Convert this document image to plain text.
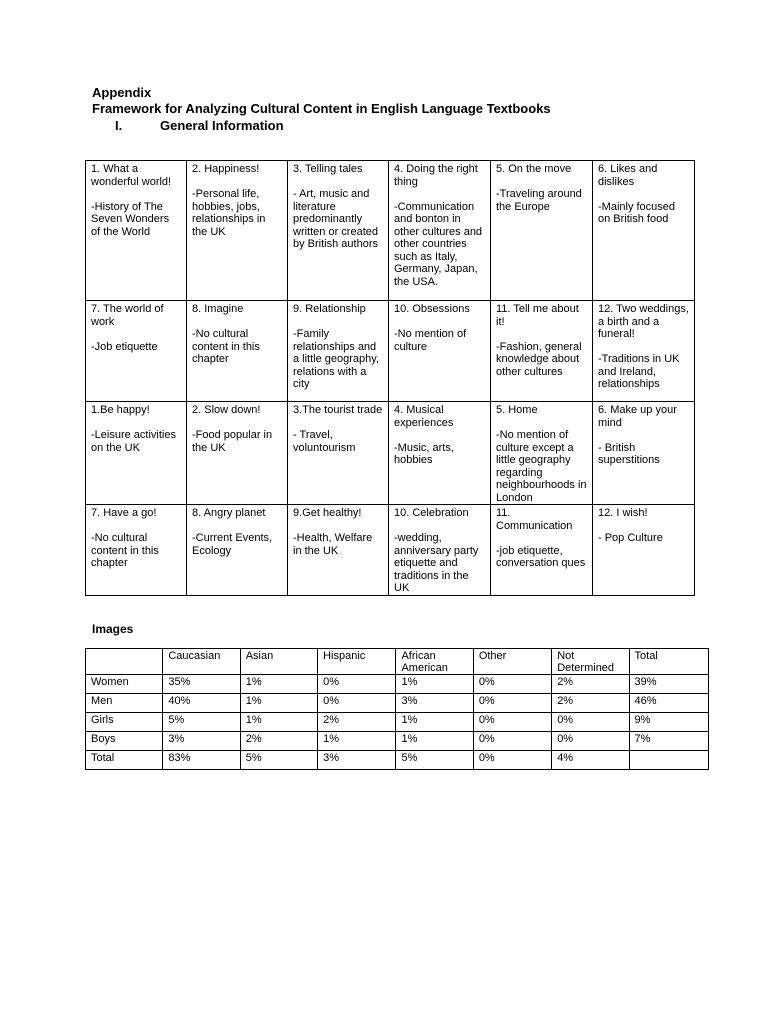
Appendix
Framework for Analyzing Cultural Content in English Language Textbooks
I.	General Information
1. What a wonderful world!

-History of The Seven Wonders of the World	2. Happiness!

-Personal life, hobbies, jobs, relationships in the UK	3. Telling tales

- Art, music and literature predominantly written or created by British authors	4. Doing the right thing

-Communication and bonton in other cultures and other countries such as Italy, Germany, Japan, the USA.	5. On the move

-Traveling around the Europe	6. Likes and dislikes

-Mainly focused on British food

7. The world of work

-Job etiquette	8. Imagine

-No cultural content in this chapter	9. Relationship

-Family relationships and a little geography, relations with a city	10. Obsessions

-No mention of culture	11. Tell me about it!

-Fashion, general knowledge about other cultures	12. Two weddings, a birth and a funeral!

-Traditions in UK and Ireland, relationships

1.Be happy!

-Leisure activities on the UK	2. Slow down!

-Food popular in the UK	3.The tourist trade

- Travel, voluntourism	4. Musical experiences

-Music, arts, hobbies	5. Home

-No mention of culture except a little geography regarding neighbourhoods in London	6. Make up your mind

- British superstitions

7. Have a go!

-No cultural content in this chapter	8. Angry planet

-Current Events, Ecology	9.Get healthy!

-Health, Welfare in the UK	10. Celebration

-wedding, anniversary party etiquette and traditions in the UK	11. Communication

-job etiquette, conversation ques	12. I wish!

- Pop Culture
Images
	Caucasian	Asian	Hispanic	African American	Other	Not Determined	Total
Women	35%	1%	0%	1%	0%	2%	39%
Men	40%	1%	0%	3%	0%	2%	46%
Girls	5%	1%	2%	1%	0%	0%	9%
Boys	3%	2%	1%	1%	0%	0%	7%
Total	83%	5%	3%	5%	0%	4%	
